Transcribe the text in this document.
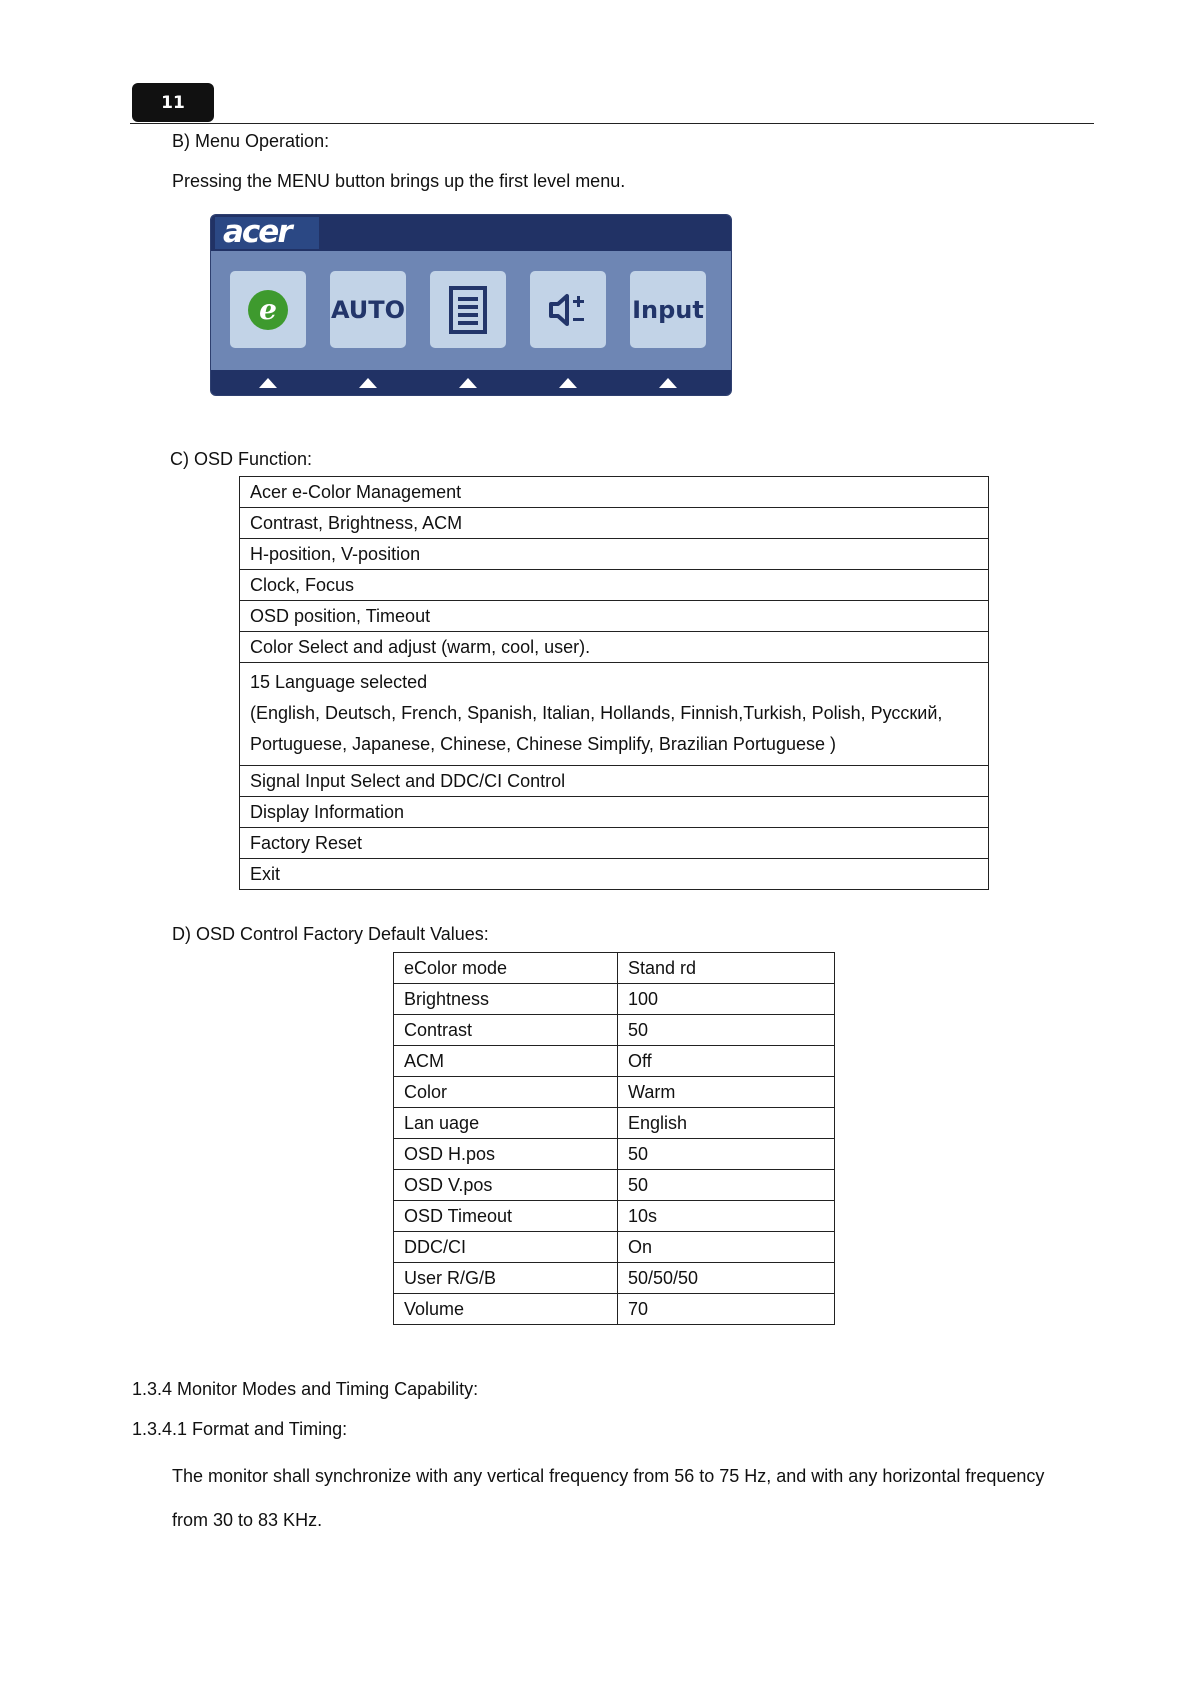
11
B) Menu Operation:
Pressing the MENU button brings up the first level menu.
acer
e AUTO	Input
C) OSD Function:
Acer e-Color Management
Contrast, Brightness, ACM
H-position, V-position
Clock, Focus
OSD position, Timeout
Color Select and adjust (warm, cool, user).

15 Language selected
(English, Deutsch, French, Spanish, Italian, Hollands, Finnish,Turkish, Polish, Русский,
Portuguese, Japanese, Chinese, Chinese Simplify, Brazilian Portuguese )

Signal Input Select and DDC/CI Control
Display Information
Factory Reset
Exit
D) OSD Control Factory Default Values:
eColor mode	Stand rd
Brightness	100
Contrast	50
ACM	Off
Color	Warm
Lan uage	English
OSD H.pos	50
OSD V.pos	50
OSD Timeout	10s
DDC/CI	On
User R/G/B	50/50/50
Volume	70
1.3.4 Monitor Modes and Timing Capability:
1.3.4.1 Format and Timing:
The monitor shall synchronize with any vertical frequency from 56 to 75 Hz, and with any horizontal frequency
from 30 to 83 KHz.
